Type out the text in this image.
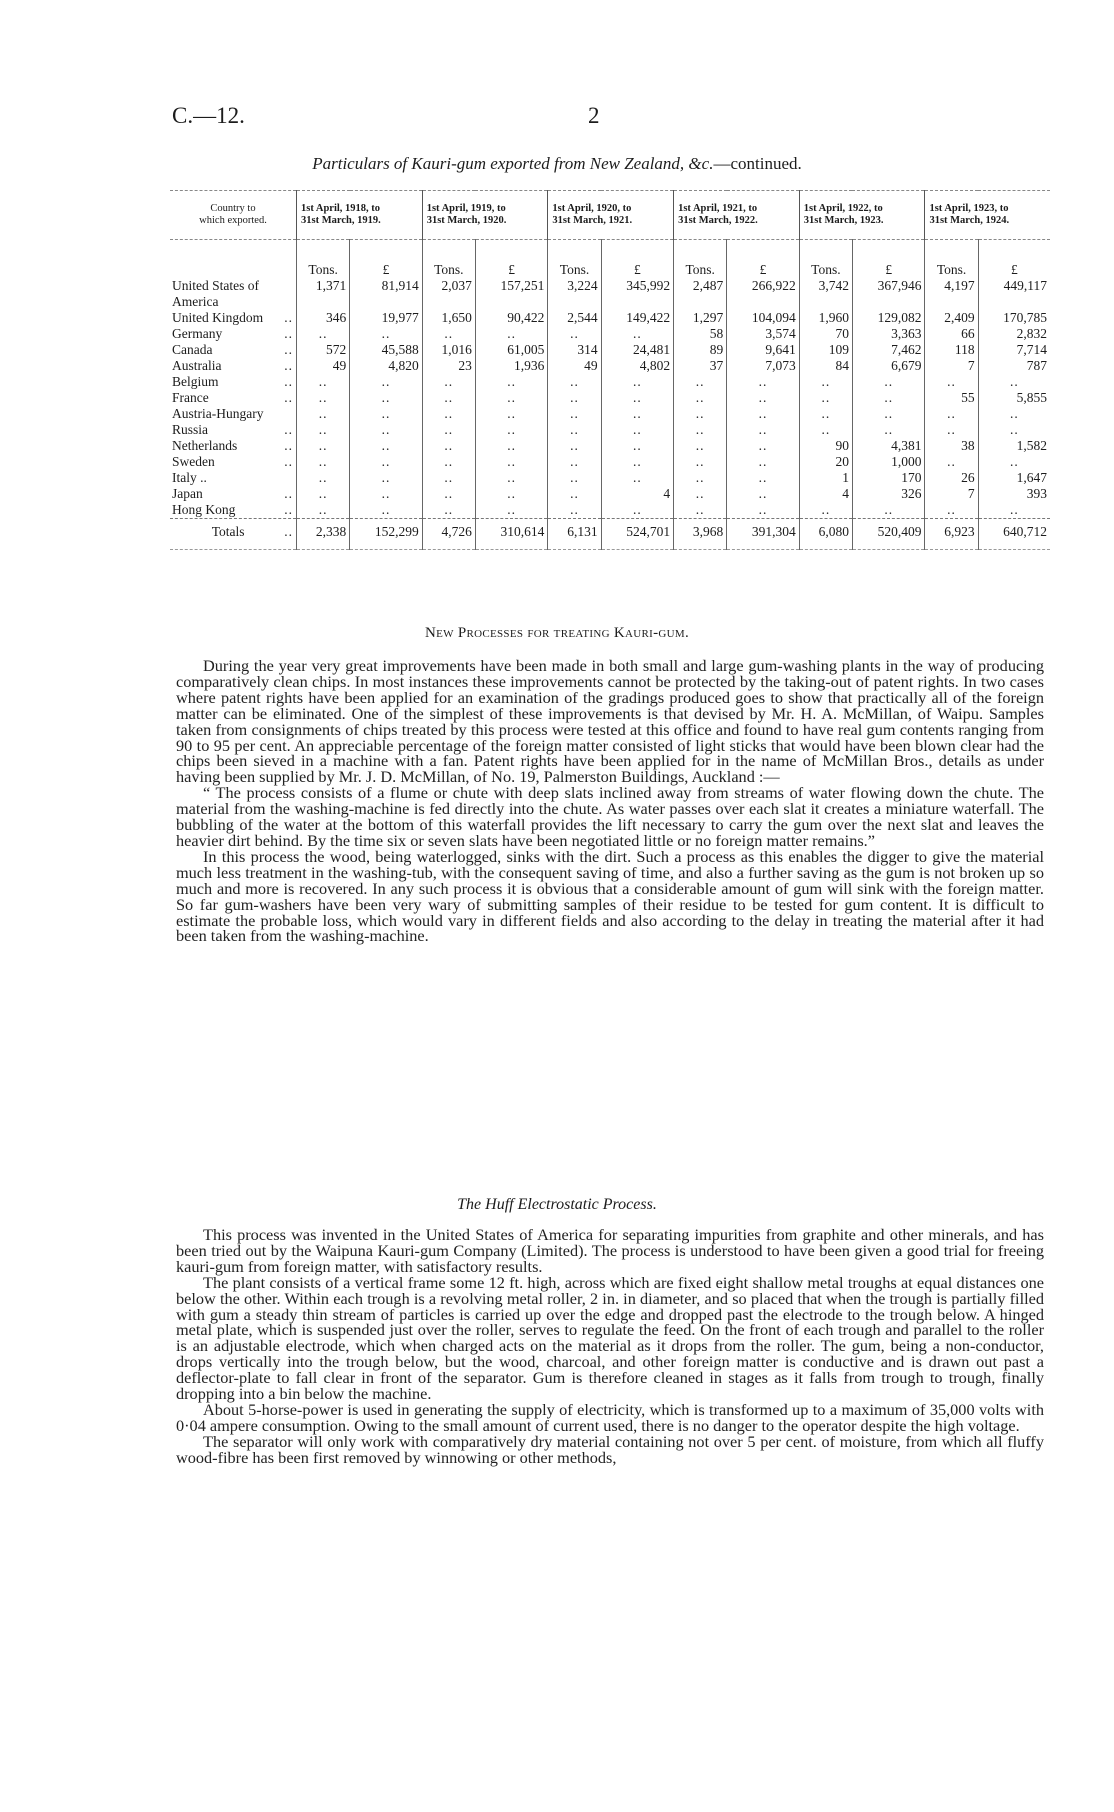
C.—12.	2
Particulars of Kauri-gum exported from New Zealand, &c.—continued.
Country to
which exported.	1st April, 1918, to
31st March, 1919.		1st April, 1919, to
31st March, 1920.		1st April, 1920, to
31st March, 1921.		1st April, 1921, to
31st March, 1922.		1st April, 1922, to
31st March, 1923.		1st April, 1923, to
31st March, 1924.	
	Tons.	£	Tons.	£	Tons.	£	Tons.	£	Tons.	£	Tons.	£
United States of	1,371	81,914	2,037	157,251	3,224	345,992	2,487	266,922	3,742	367,946	4,197	449,117
America												
United Kingdom ..	346	19,977	1,650	90,422	2,544	149,422	1,297	104,094	1,960	129,082	2,409	170,785
Germany ..	..	..	..	..	..	..	58	3,574	70	3,363	66	2,832
Canada ..	572	45,588	1,016	61,005	314	24,481	89	9,641	109	7,462	118	7,714
Australia ..	49	4,820	23	1,936	49	4,802	37	7,073	84	6,679	7	787
Belgium ..	..	..	..	..	..	..	..	..	..	..	..	..
France ..	..	..	..	..	..	..	..	..	..	..	55	5,855
Austria-Hungary	..	..	..	..	..	..	..	..	..	..	..	..
Russia ..	..	..	..	..	..	..	..	..	..	..	..	..
Netherlands ..	..	..	..	..	..	..	..	..	90	4,381	38	1,582
Sweden ..	..	..	..	..	..	..	..	..	20	1,000	..	..
Italy ..	..	..	..	..	..	..	..	..	1	170	26	1,647
Japan ..	..	..	..	..	..	4	..	..	4	326	7	393
Hong Kong ..	..	..	..	..	..	..	..	..	..	..	..	..
Totals ..	2,338	152,299	4,726	310,614	6,131	524,701	3,968	391,304	6,080	520,409	6,923	640,712

New Processes for treating Kauri-gum.

During the year very great improvements have been made in both small and large gum-washing plants in the way of producing comparatively clean chips. In most instances these improvements cannot be protected by the taking-out of patent rights. In two cases where patent rights have been applied for an examination of the gradings produced goes to show that practically all of the foreign matter can be eliminated. One of the simplest of these improvements is that devised by Mr. H. A. McMillan, of Waipu. Samples taken from consignments of chips treated by this process were tested at this office and found to have real gum contents ranging from 90 to 95 per cent. An appreciable percentage of the foreign matter consisted of light sticks that would have been blown clear had the chips been sieved in a machine with a fan. Patent rights have been applied for in the name of McMillan Bros., details as under having been supplied by Mr. J. D. McMillan, of No. 19, Palmerston Buildings, Auckland :—

“ The process consists of a flume or chute with deep slats inclined away from streams of water flowing down the chute. The material from the washing-machine is fed directly into the chute. As water passes over each slat it creates a miniature waterfall. The bubbling of the water at the bottom of this waterfall provides the lift necessary to carry the gum over the next slat and leaves the heavier dirt behind. By the time six or seven slats have been negotiated little or no foreign matter remains.”

In this process the wood, being waterlogged, sinks with the dirt. Such a process as this enables the digger to give the material much less treatment in the washing-tub, with the consequent saving of time, and also a further saving as the gum is not broken up so much and more is recovered. In any such process it is obvious that a considerable amount of gum will sink with the foreign matter. So far gum-washers have been very wary of submitting samples of their residue to be tested for gum content. It is difficult to estimate the probable loss, which would vary in different fields and also according to the delay in treating the material after it had been taken from the washing-machine.

The Huff Electrostatic Process.

This process was invented in the United States of America for separating impurities from graphite and other minerals, and has been tried out by the Waipuna Kauri-gum Company (Limited). The process is understood to have been given a good trial for freeing kauri-gum from foreign matter, with satisfactory results.

The plant consists of a vertical frame some 12 ft. high, across which are fixed eight shallow metal troughs at equal distances one below the other. Within each trough is a revolving metal roller, 2 in. in diameter, and so placed that when the trough is partially filled with gum a steady thin stream of particles is carried up over the edge and dropped past the electrode to the trough below. A hinged metal plate, which is suspended just over the roller, serves to regulate the feed. On the front of each trough and parallel to the roller is an adjustable electrode, which when charged acts on the material as it drops from the roller. The gum, being a non-conductor, drops vertically into the trough below, but the wood, charcoal, and other foreign matter is conductive and is drawn out past a deflector-plate to fall clear in front of the separator. Gum is therefore cleaned in stages as it falls from trough to trough, finally dropping into a bin below the machine.

About 5-horse-power is used in generating the supply of electricity, which is transformed up to a maximum of 35,000 volts with 0·04 ampere consumption. Owing to the small amount of current used, there is no danger to the operator despite the high voltage.

The separator will only work with comparatively dry material containing not over 5 per cent. of moisture, from which all fluffy wood-fibre has been first removed by winnowing or other methods,
